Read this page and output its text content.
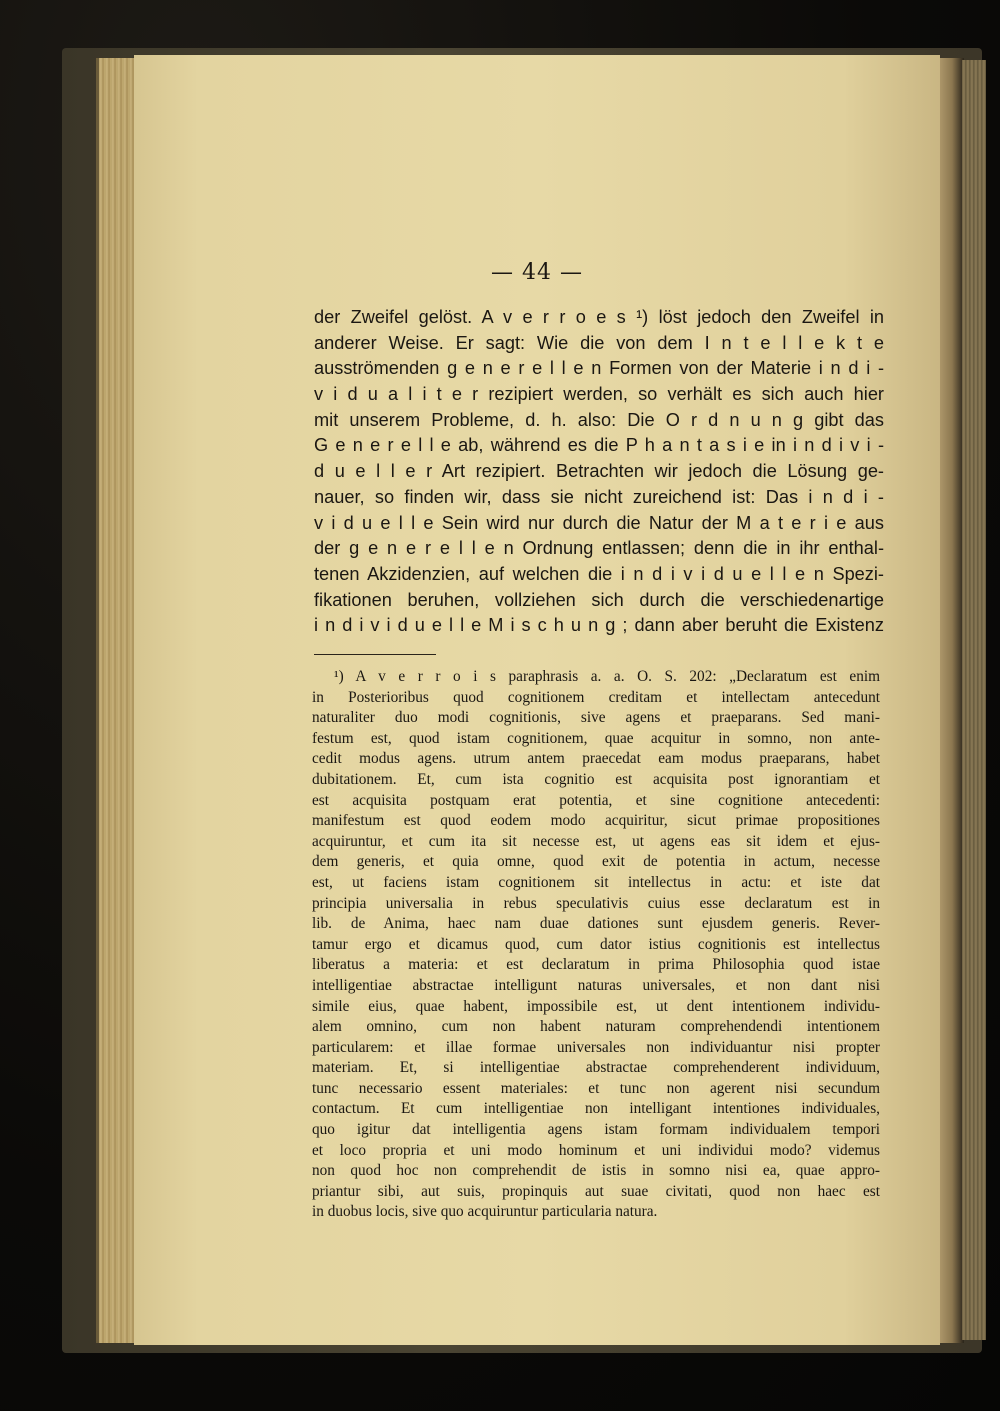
— 44 —
der Zweifel gelöst. A v e r r o e s ¹) löst jedoch den Zweifel in
anderer Weise. Er sagt: Wie die von dem I n t e l l e k t e
ausströmenden g e n e r e l l e n Formen von der Materie i n d i -
v i d u a l i t e r rezipiert werden, so verhält es sich auch hier
mit unserem Probleme, d. h. also: Die O r d n u n g gibt das
G e n e r e l l e ab, während es die P h a n t a s i e in i n d i v i -
d u e l l e r Art rezipiert. Betrachten wir jedoch die Lösung ge-
nauer, so finden wir, dass sie nicht zureichend ist: Das i n d i -
v i d u e l l e Sein wird nur durch die Natur der M a t e r i e aus
der g e n e r e l l e n Ordnung entlassen; denn die in ihr enthal-
tenen Akzidenzien, auf welchen die i n d i v i d u e l l e n Spezi-
fikationen beruhen, vollziehen sich durch die verschiedenartige
i n d i v i d u e l l e M i s c h u n g ; dann aber beruht die Existenz
¹) A v e r r o i s paraphrasis a. a. O. S. 202: „Declaratum est enim
in Posterioribus quod cognitionem creditam et intellectam antecedunt
naturaliter duo modi cognitionis, sive agens et praeparans. Sed mani-
festum est, quod istam cognitionem, quae acquitur in somno, non ante-
cedit modus agens. utrum antem praecedat eam modus praeparans, habet
dubitationem. Et, cum ista cognitio est acquisita post ignorantiam et
est acquisita postquam erat potentia, et sine cognitione antecedenti:
manifestum est quod eodem modo acquiritur, sicut primae propositiones
acquiruntur, et cum ita sit necesse est, ut agens eas sit idem et ejus-
dem generis, et quia omne, quod exit de potentia in actum, necesse
est, ut faciens istam cognitionem sit intellectus in actu: et iste dat
principia universalia in rebus speculativis cuius esse declaratum est in
lib. de Anima, haec nam duae dationes sunt ejusdem generis. Rever-
tamur ergo et dicamus quod, cum dator istius cognitionis est intellectus
liberatus a materia: et est declaratum in prima Philosophia quod istae
intelligentiae abstractae intelligunt naturas universales, et non dant nisi
simile eius, quae habent, impossibile est, ut dent intentionem individu-
alem omnino, cum non habent naturam comprehendendi intentionem
particularem: et illae formae universales non individuantur nisi propter
materiam. Et, si intelligentiae abstractae comprehenderent individuum,
tunc necessario essent materiales: et tunc non agerent nisi secundum
contactum. Et cum intelligentiae non intelligant intentiones individuales,
quo igitur dat intelligentia agens istam formam individualem tempori
et loco propria et uni modo hominum et uni individui modo? videmus
non quod hoc non comprehendit de istis in somno nisi ea, quae appro-
priantur sibi, aut suis, propinquis aut suae civitati, quod non haec est
in duobus locis, sive quo acquiruntur particularia natura.
